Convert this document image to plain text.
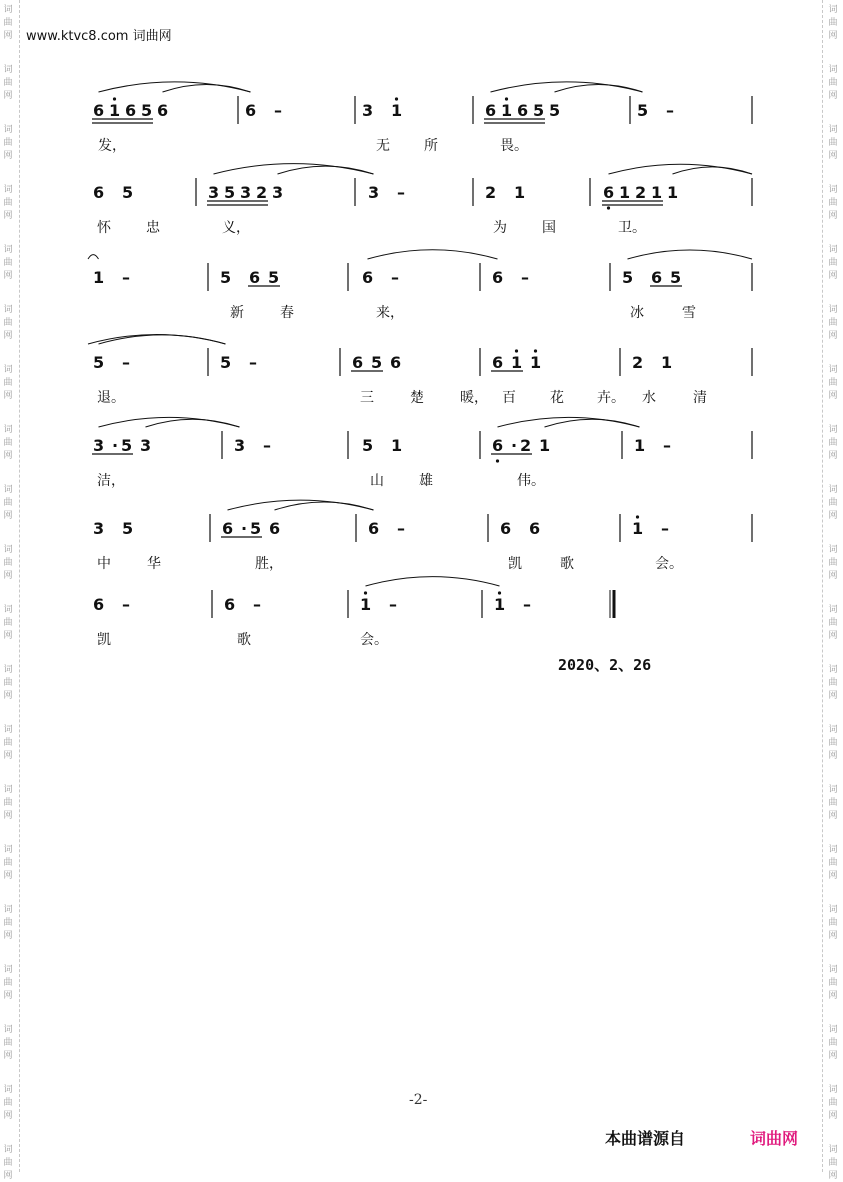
词
曲
网
词
曲
网
词
曲
网
词
曲
网
词
曲
网
词
曲
网
词
曲
网
词
曲
网
词
曲
网
词
曲
网
词
曲
网
词
曲
网
词
曲
网
词
曲
网
词
曲
网
词
曲
网
词
曲
网
词
曲
网
词
曲
网
词
曲
网
词
曲
网
词
曲
网
词
曲
网
词
曲
网
词
曲
网
词
曲
网
词
曲
网
词
曲
网
词
曲
网
词
曲
网
词
曲
网
词
曲
网
词
曲
网
词
曲
网
词
曲
网
词
曲
网
词
曲
网
词
曲
网
词
曲
网
词
曲
网
www.ktvc8.com 词曲网
6 1 6 5 6	6 –	3 1	6 1 6 5 5	5 –
发，	无 所	畏。
6 5	3 5 3 2 3	3 –	2 1	6 1 2 1 1
怀	忠	义，	为	国	卫。
1 –	5 6 5	6 –	6 –	5 6 5
新	春	来，	冰	雪
5 –	5 –	6 5 6	6 1 1	2 1
退。	三	楚	暖， 百 花 卉。 水	清
3 · 5 3	3 –	5 1	6 · 2 1	1 –
洁，	山	雄	伟。
3 5	6 · 5 6	6 –	6 6	1 –
中	华	胜，	凯	歌	会。
6 –	6 –	1 –	1 –
凯	歌	会。
2020、2、26
-2-
本曲谱源自	词曲网
